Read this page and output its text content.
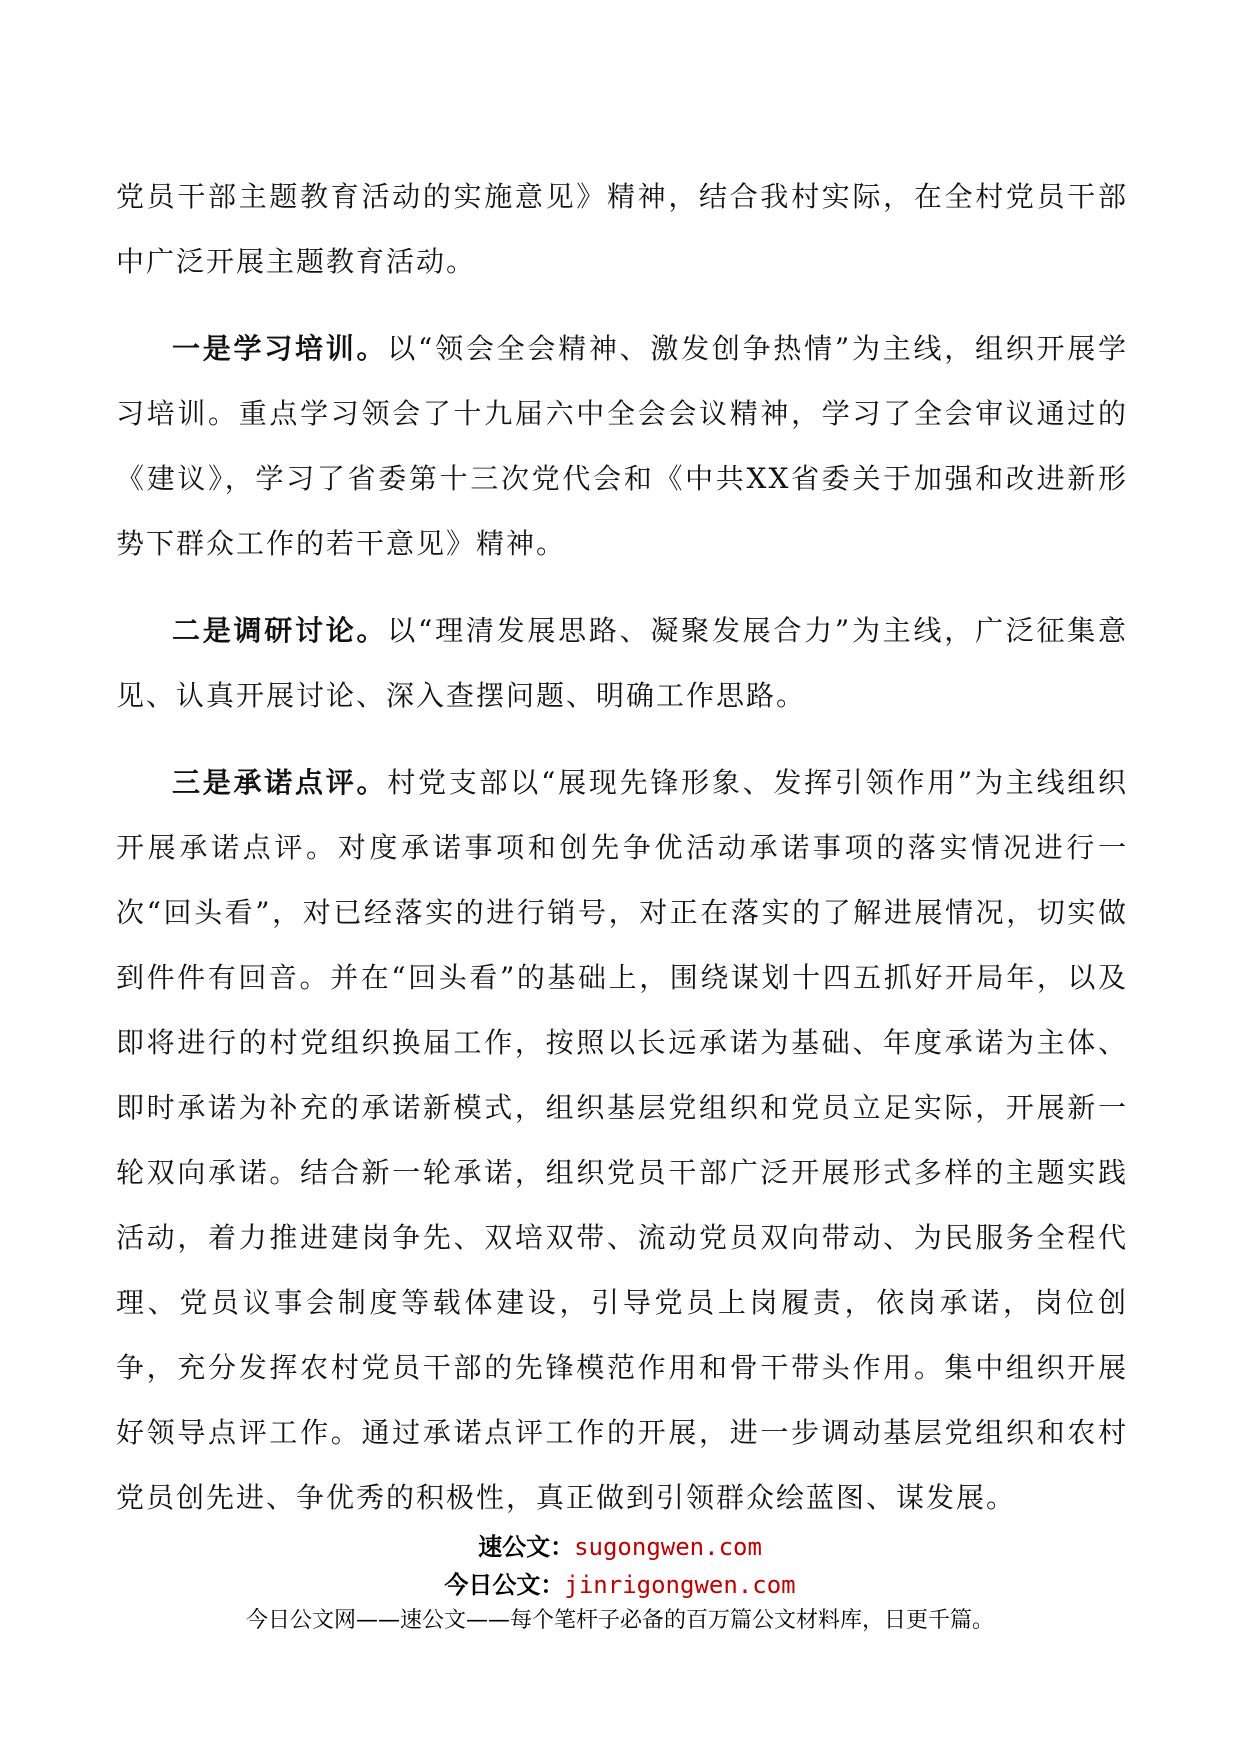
党员干部主题教育活动的实施意见》精神，结合我村实际，在全村党员干部中广泛开展主题教育活动。

一是学习培训。以“领会全会精神、激发创争热情”为主线，组织开展学习培训。重点学习领会了十九届六中全会会议精神，学习了全会审议通过的《建议》，学习了省委第十三次党代会和《中共XX省委关于加强和改进新形势下群众工作的若干意见》精神。

二是调研讨论。以“理清发展思路、凝聚发展合力”为主线，广泛征集意见、认真开展讨论、深入查摆问题、明确工作思路。

三是承诺点评。村党支部以“展现先锋形象、发挥引领作用”为主线组织开展承诺点评。对度承诺事项和创先争优活动承诺事项的落实情况进行一次“回头看”，对已经落实的进行销号，对正在落实的了解进展情况，切实做到件件有回音。并在“回头看”的基础上，围绕谋划十四五抓好开局年，以及即将进行的村党组织换届工作，按照以长远承诺为基础、年度承诺为主体、即时承诺为补充的承诺新模式，组织基层党组织和党员立足实际，开展新一轮双向承诺。结合新一轮承诺，组织党员干部广泛开展形式多样的主题实践活动，着力推进建岗争先、双培双带、流动党员双向带动、为民服务全程代理、党员议事会制度等载体建设，引导党员上岗履责，依岗承诺，岗位创争，充分发挥农村党员干部的先锋模范作用和骨干带头作用。集中组织开展好领导点评工作。通过承诺点评工作的开展，进一步调动基层党组织和农村党员创先进、争优秀的积极性，真正做到引领群众绘蓝图、谋发展。

速公文：sugongwen.com
今日公文：jinrigongwen.com
今日公文网——速公文——每个笔杆子必备的百万篇公文材料库，日更千篇。
